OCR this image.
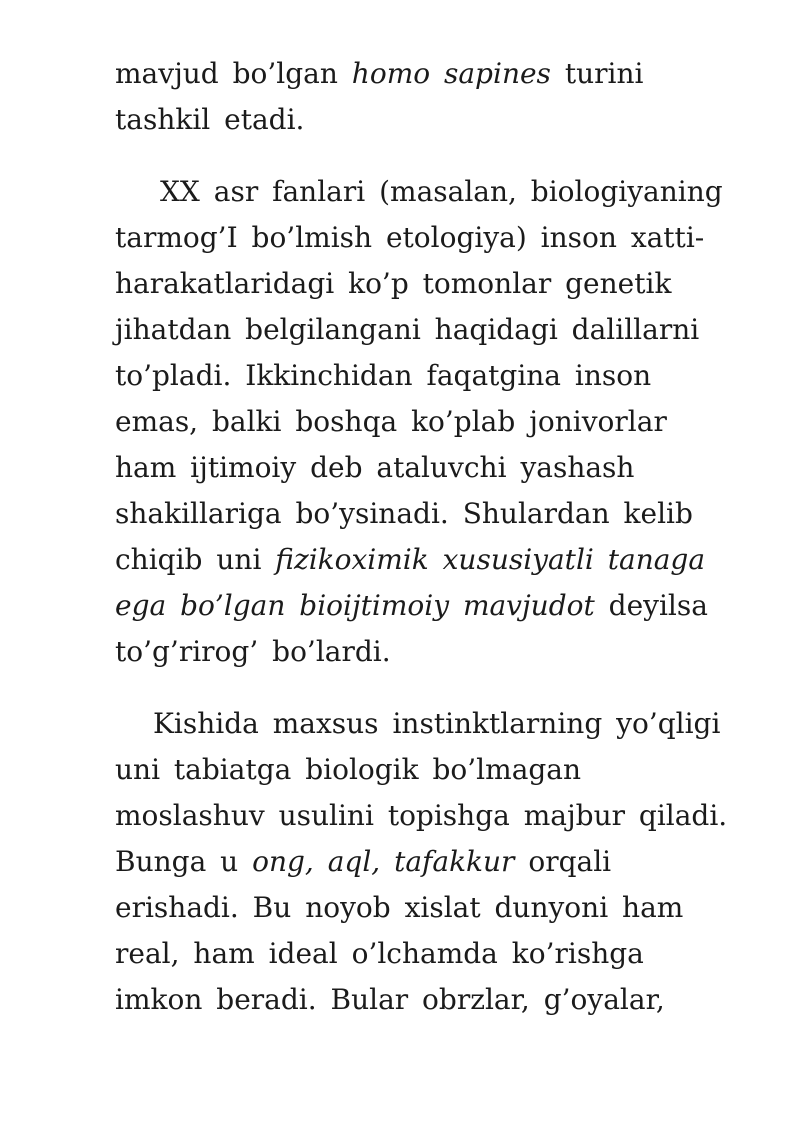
mavjud bo’lgan homo sapines turini
tashkil etadi.
XX asr fanlari (masalan, biologiyaning
tarmog’I bo’lmish etologiya) inson xatti-
harakatlaridagi ko’p tomonlar genetik
jihatdan belgilangani haqidagi dalillarni
to’pladi. Ikkinchidan faqatgina inson
emas, balki boshqa ko’plab jonivorlar
ham ijtimoiy deb ataluvchi yashash
shakillariga bo’ysinadi. Shulardan kelib
chiqib uni fizikoximik xususiyatli tanaga
ega bo’lgan bioijtimoiy mavjudot deyilsa
to’g’rirog’ bo’lardi.
Kishida maxsus instinktlarning yo’qligi
uni tabiatga biologik bo’lmagan
moslashuv usulini topishga majbur qiladi.
Bunga u ong, aql, tafakkur orqali
erishadi. Bu noyob xislat dunyoni ham
real, ham ideal o’lchamda ko’rishga
imkon beradi. Bular obrzlar, g’oyalar,
